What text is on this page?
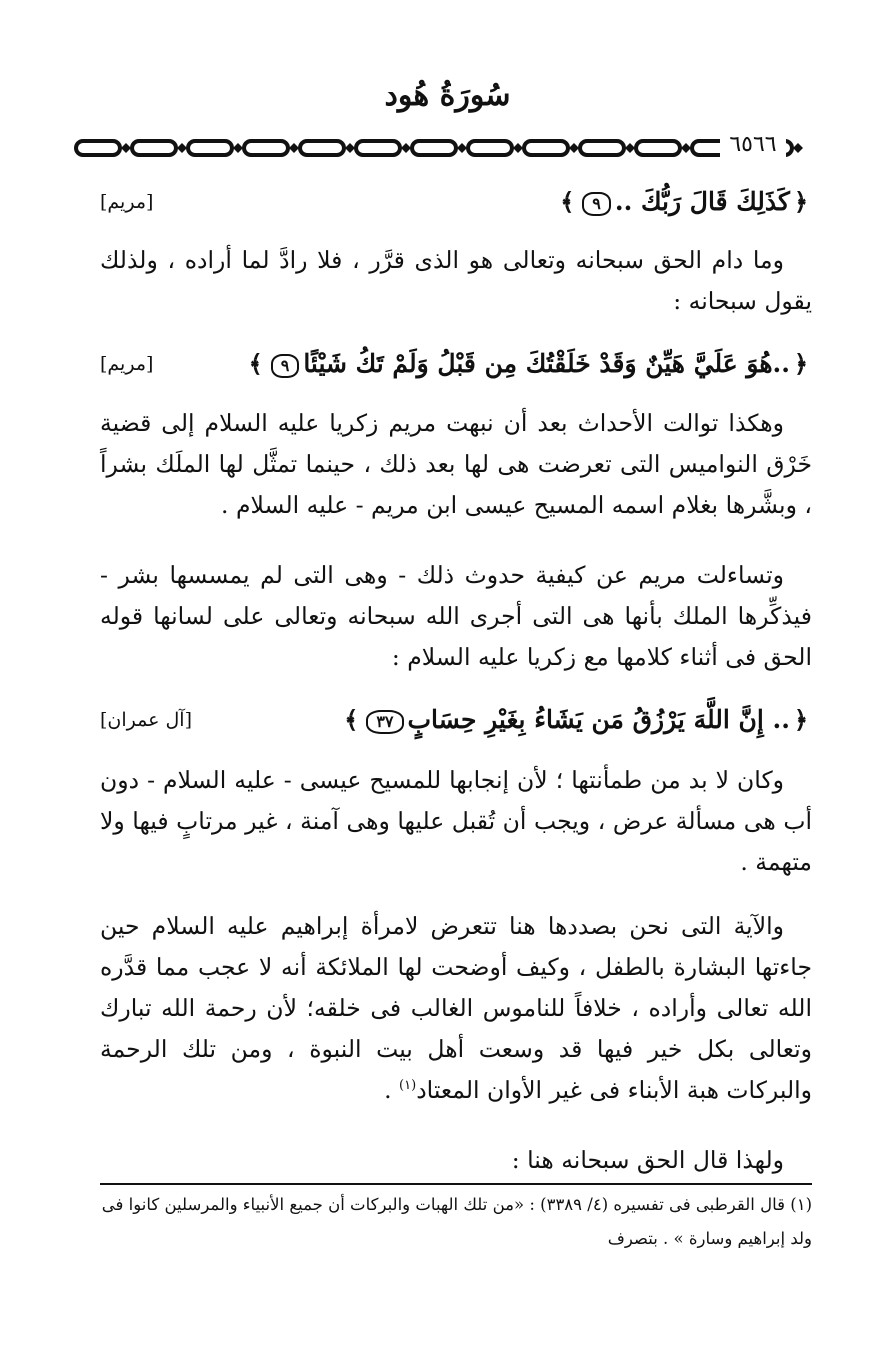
سُورَةُ هُود
٦٥٦٦
﴿كَذَلِكَ قَالَ رَبُّكَ ..٩﴾
[مريم]

وما دام الحق سبحانه وتعالى هو الذى قرَّر ، فلا رادَّ لما أراده ، ولذلك يقول سبحانه :

﴿..هُوَ عَلَيَّ هَيِّنٌ وَقَدْ خَلَقْتُكَ مِن قَبْلُ وَلَمْ تَكُ شَيْئًا٩﴾
[مريم]

وهكذا توالت الأحداث بعد أن نبهت مريم زكريا عليه السلام إلى قضية خَرْق النواميس التى تعرضت هى لها بعد ذلك ، حينما تمثَّل لها الملَك بشراً ، وبشَّرها بغلام اسمه المسيح عيسى ابن مريم - عليه السلام .

وتساءلت مريم عن كيفية حدوث ذلك - وهى التى لم يمسسها بشر - فيذكِّرها الملك بأنها هى التى أجرى الله سبحانه وتعالى على لسانها قوله الحق فى أثناء كلامها مع زكريا عليه السلام :

﴿.. إِنَّ اللَّهَ يَرْزُقُ مَن يَشَاءُ بِغَيْرِ حِسَابٍ٣٧﴾
[آل عمران]

وكان لا بد من طمأنتها ؛ لأن إنجابها للمسيح عيسى - عليه السلام - دون أب هى مسألة عرض ، ويجب أن تُقبل عليها وهى آمنة ، غير مرتابٍ فيها ولا متهمة .

والآية التى نحن بصددها هنا تتعرض لامرأة إبراهيم عليه السلام حين جاءتها البشارة بالطفل ، وكيف أوضحت لها الملائكة أنه لا عجب مما قدَّره الله تعالى وأراده ، خلافاً للناموس الغالب فى خلقه؛ لأن رحمة الله تبارك وتعالى بكل خير فيها قد وسعت أهل بيت النبوة ، ومن تلك الرحمة والبركات هبة الأبناء فى غير الأوان المعتاد$^{(١)}$ .

ولهذا قال الحق سبحانه هنا :

(١) قال القرطبى فى تفسيره (٤/ ٣٣٨٩) : «من تلك الهبات والبركات أن جميع الأنبياء والمرسلين كانوا فى

ولد إبراهيم وسارة » . بتصرف
